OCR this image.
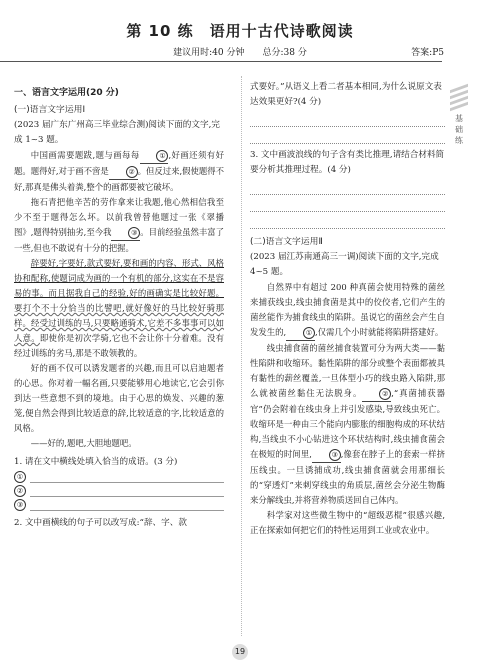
第 10 练　语用十古代诗歌阅读
建议用时:40 分钟　　总分:38 分	答案:P5
基础练
一、语言文字运用(20 分)
(一)语言文字运用Ⅰ
(2023 届广东广州高三毕业综合测)阅读下面的文字,完成 1~3 题。

中国画需要题跋,题与画每每	① ,好画还须有好题。题得好,对于画不啻是	② 。但反过来,假使题得不好,那真是佛头着粪,整个的画都要被它破坏。

拖石青把他辛苦的劳作拿来让我题,他心然相信我至少不至于题得怎么坏。以前我曾替他题过一张《翠播图》,题得特别抽劣,至今我	③ 。目前经验虽然丰富了一些,但也不敢说有十分的把握。

辞要好,字要好,款式要好,要和画的内容、形式、风格协和配称,使题词成为画的一个有机的部分,这实在不是容易的事。而且据我自己的经验,好的画确实是比较好题。要打个不十分恰当的比譬吧,就好像好的马比较好骑那样。经受过训练的马,只要略通骑术,它差不多事事可以如人意。即使你是初次学骑,它也不会让你十分着难。没有经过训练的劣马,那是不敢领教的。

好的画不仅可以诱发题者的兴趣,而且可以启迪题者的心思。你对着一幅名画,只要能够用心地读它,它会引你到达一些意想不到的境地。由于心思的焕发、兴趣的葱笼,便自然会得到比较适意的辞,比较适意的字,比较适意的风格。

——好的,题吧,大胆地题吧。

1. 请在文中横线处填入恰当的成语。(3 分)
①
②
③
2. 文中画横线的句子可以改写成:“辞、字、款
式要好。”从语义上看二者基本相同,为什么说原文表达效果更好?(4 分)
3. 文中画波浪线的句子含有类比推理,请结合材料简要分析其推理过程。(4 分)
(二)语言文字运用Ⅱ
(2023 届江苏南通高三一调)阅读下面的文字,完成 4~5 题。

自然界中有超过 200 种真菌会使用特殊的菌丝来捕获线虫,线虫捕食菌是其中的佼佼者,它们产生的菌丝能作为捕食线虫的陷阱。虽说它的菌丝会产生自发发生的,	① ,仅需几个小时就能将陷阱搭建好。

线虫捕食菌的菌丝捕食装置可分为两大类——黏性陷阱和收缩环。黏性陷阱的部分或整个表面都被具有黏性的薪丝覆盖,一旦体型小巧的线虫路入陷阱,那么就被菌丝黏住无法脱身。	② ,“真菌捕获器官”仍会附着在线虫身上并引发感染,导致线虫死亡。收缩环是一种由三个能向内膨胀的细胞构成的环状结构,当线虫不小心钻进这个环状结构时,线虫捕食菌会在极短的时间里,	③ ,像套在脖子上的套索一样挤压线虫。一旦诱捕成功,线虫捕食菌就会用那细长的“穿透灯”来刺穿线虫的角质层,菌丝会分泌生物酶来分解线虫,并将营养物质送回自己体内。

科学家对这些微生物中的“超级恶棍”很感兴趣,正在探索如何把它们的特性运用到工业或农业中。

19
